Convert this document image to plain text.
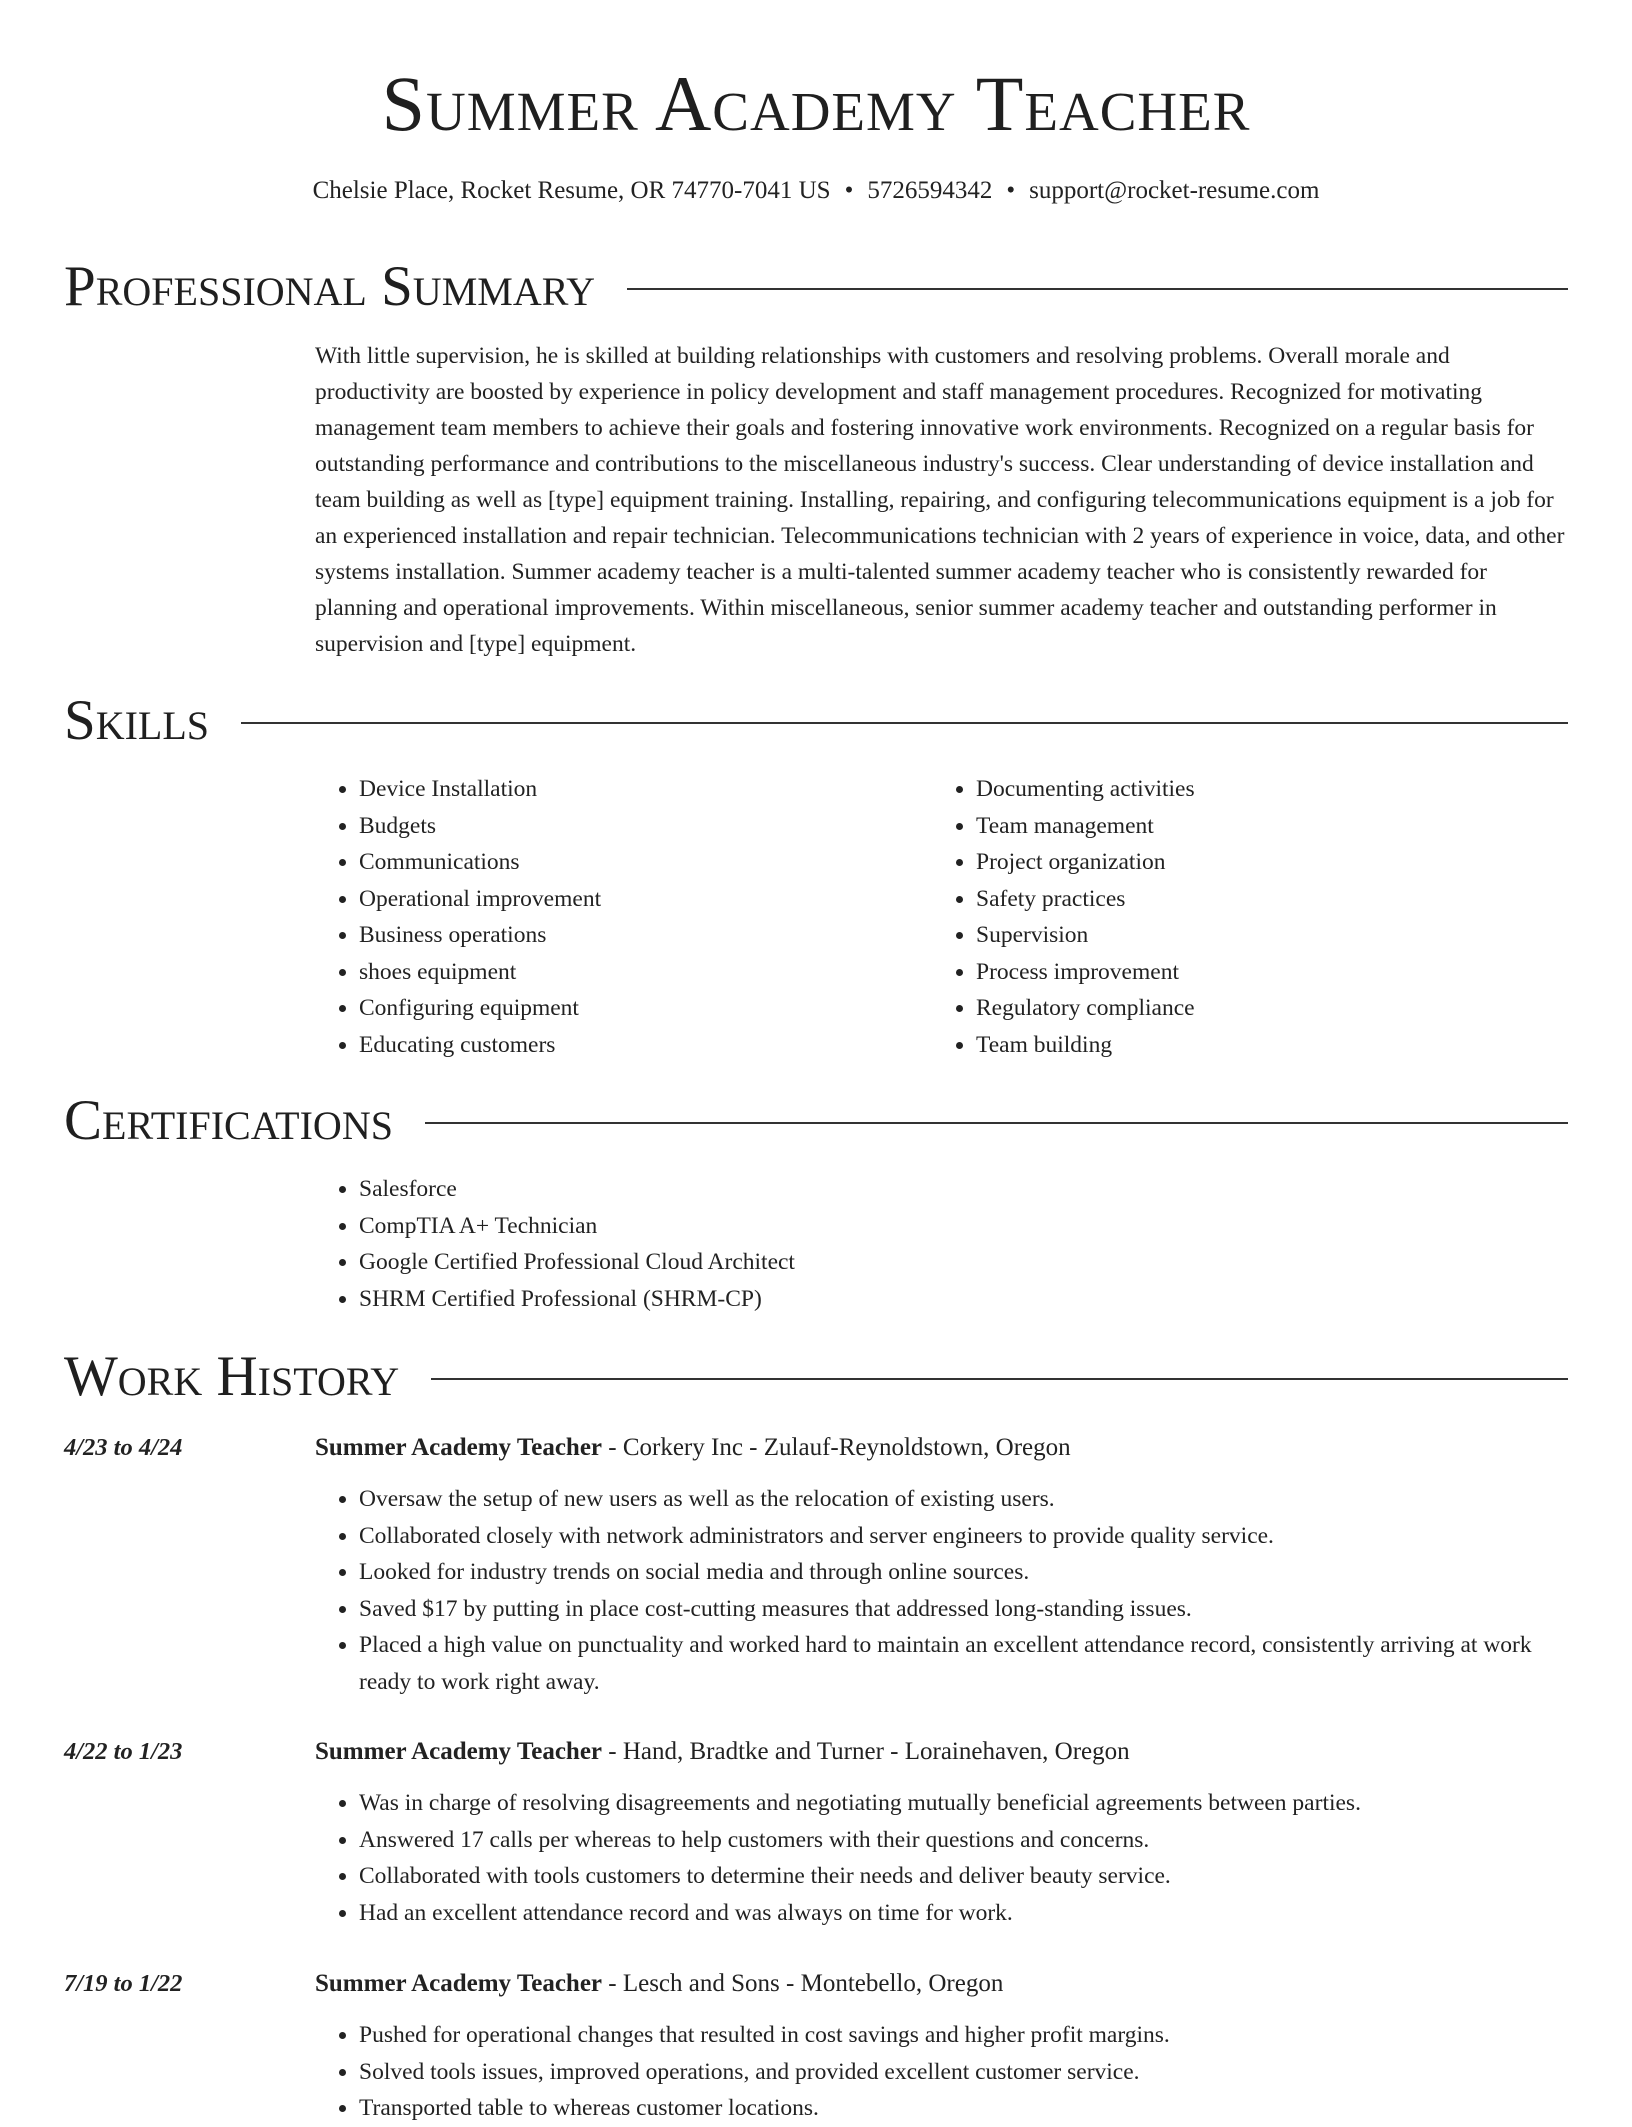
Summer Academy Teacher
Chelsie Place, Rocket Resume, OR 74770-7041 US • 5726594342 • support@rocket-resume.com
Professional Summary

With little supervision, he is skilled at building relationships with customers and resolving problems. Overall morale and productivity are boosted by experience in policy development and staff management procedures. Recognized for motivating management team members to achieve their goals and fostering innovative work environments. Recognized on a regular basis for outstanding performance and contributions to the miscellaneous industry's success. Clear understanding of device installation and team building as well as [type] equipment training. Installing, repairing, and configuring telecommunications equipment is a job for an experienced installation and repair technician. Telecommunications technician with 2 years of experience in voice, data, and other systems installation. Summer academy teacher is a multi-talented summer academy teacher who is consistently rewarded for planning and operational improvements. Within miscellaneous, senior summer academy teacher and outstanding performer in supervision and [type] equipment.

Skills
• Device Installation
• Budgets
• Communications
• Operational improvement
• Business operations
• shoes equipment
• Configuring equipment
• Educating customers
• Documenting activities
• Team management
• Project organization
• Safety practices
• Supervision
• Process improvement
• Regulatory compliance
• Team building
Certifications
• Salesforce
• CompTIA A+ Technician
• Google Certified Professional Cloud Architect
• SHRM Certified Professional (SHRM-CP)
Work History
4/23 to 4/24	Summer Academy Teacher - Corkery Inc - Zulauf-Reynoldstown, Oregon
• Oversaw the setup of new users as well as the relocation of existing users.
• Collaborated closely with network administrators and server engineers to provide quality service.
• Looked for industry trends on social media and through online sources.
• Saved $17 by putting in place cost-cutting measures that addressed long-standing issues.
• Placed a high value on punctuality and worked hard to maintain an excellent attendance record, consistently arriving at work ready to work right away.
4/22 to 1/23	Summer Academy Teacher - Hand, Bradtke and Turner - Lorainehaven, Oregon
• Was in charge of resolving disagreements and negotiating mutually beneficial agreements between parties.
• Answered 17 calls per whereas to help customers with their questions and concerns.
• Collaborated with tools customers to determine their needs and deliver beauty service.
• Had an excellent attendance record and was always on time for work.
7/19 to 1/22	Summer Academy Teacher - Lesch and Sons - Montebello, Oregon
• Pushed for operational changes that resulted in cost savings and higher profit margins.
• Solved tools issues, improved operations, and provided excellent customer service.
• Transported table to whereas customer locations.
